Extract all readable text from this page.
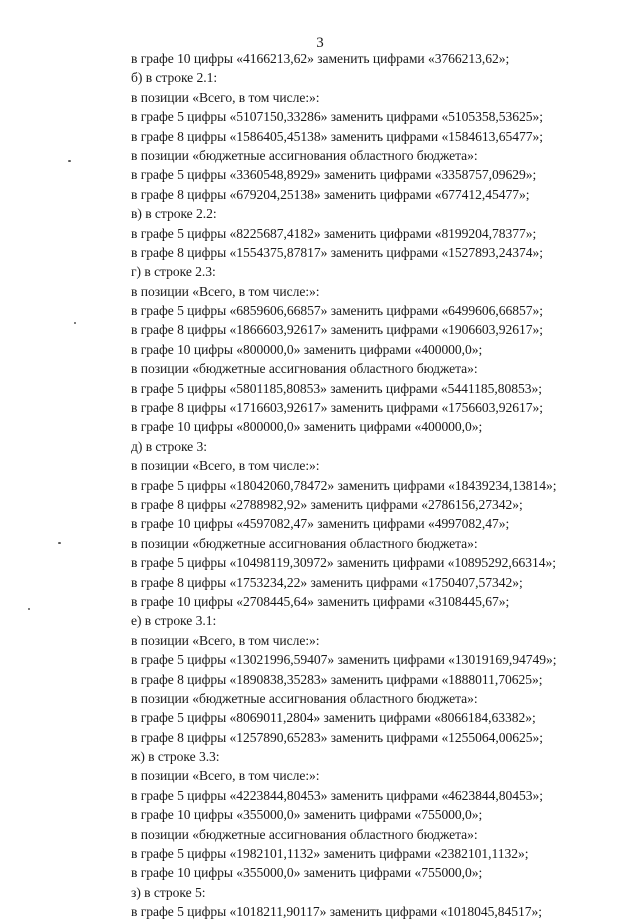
3
в графе 10 цифры «4166213,62» заменить цифрами «3766213,62»;
б) в строке 2.1:
в позиции «Всего, в том числе:»:
в графе 5 цифры «5107150,33286» заменить цифрами «5105358,53625»;
в графе 8 цифры «1586405,45138» заменить цифрами «1584613,65477»;
в позиции «бюджетные ассигнования областного бюджета»:
в графе 5 цифры «3360548,8929» заменить цифрами «3358757,09629»;
в графе 8 цифры «679204,25138» заменить цифрами «677412,45477»;
в) в строке 2.2:
в графе 5 цифры «8225687,4182» заменить цифрами «8199204,78377»;
в графе 8 цифры «1554375,87817» заменить цифрами «1527893,24374»;
г) в строке 2.3:
в позиции «Всего, в том числе:»:
в графе 5 цифры «6859606,66857» заменить цифрами «6499606,66857»;
в графе 8 цифры «1866603,92617» заменить цифрами «1906603,92617»;
в графе 10 цифры «800000,0» заменить цифрами «400000,0»;
в позиции «бюджетные ассигнования областного бюджета»:
в графе 5 цифры «5801185,80853» заменить цифрами «5441185,80853»;
в графе 8 цифры «1716603,92617» заменить цифрами «1756603,92617»;
в графе 10 цифры «800000,0» заменить цифрами «400000,0»;
д) в строке 3:
в позиции «Всего, в том числе:»:
в графе 5 цифры «18042060,78472» заменить цифрами «18439234,13814»;
в графе 8 цифры «2788982,92» заменить цифрами «2786156,27342»;
в графе 10 цифры «4597082,47» заменить цифрами «4997082,47»;
в позиции «бюджетные ассигнования областного бюджета»:
в графе 5 цифры «10498119,30972» заменить цифрами «10895292,66314»;
в графе 8 цифры «1753234,22» заменить цифрами «1750407,57342»;
в графе 10 цифры «2708445,64» заменить цифрами «3108445,67»;
е) в строке 3.1:
в позиции «Всего, в том числе:»:
в графе 5 цифры «13021996,59407» заменить цифрами «13019169,94749»;
в графе 8 цифры «1890838,35283» заменить цифрами «1888011,70625»;
в позиции «бюджетные ассигнования областного бюджета»:
в графе 5 цифры «8069011,2804» заменить цифрами «8066184,63382»;
в графе 8 цифры «1257890,65283» заменить цифрами «1255064,00625»;
ж) в строке 3.3:
в позиции «Всего, в том числе:»:
в графе 5 цифры «4223844,80453» заменить цифрами «4623844,80453»;
в графе 10 цифры «355000,0» заменить цифрами «755000,0»;
в позиции «бюджетные ассигнования областного бюджета»:
в графе 5 цифры «1982101,1132» заменить цифрами «2382101,1132»;
в графе 10 цифры «355000,0» заменить цифрами «755000,0»;
з) в строке 5:
в графе 5 цифры «1018211,90117» заменить цифрами «1018045,84517»;
